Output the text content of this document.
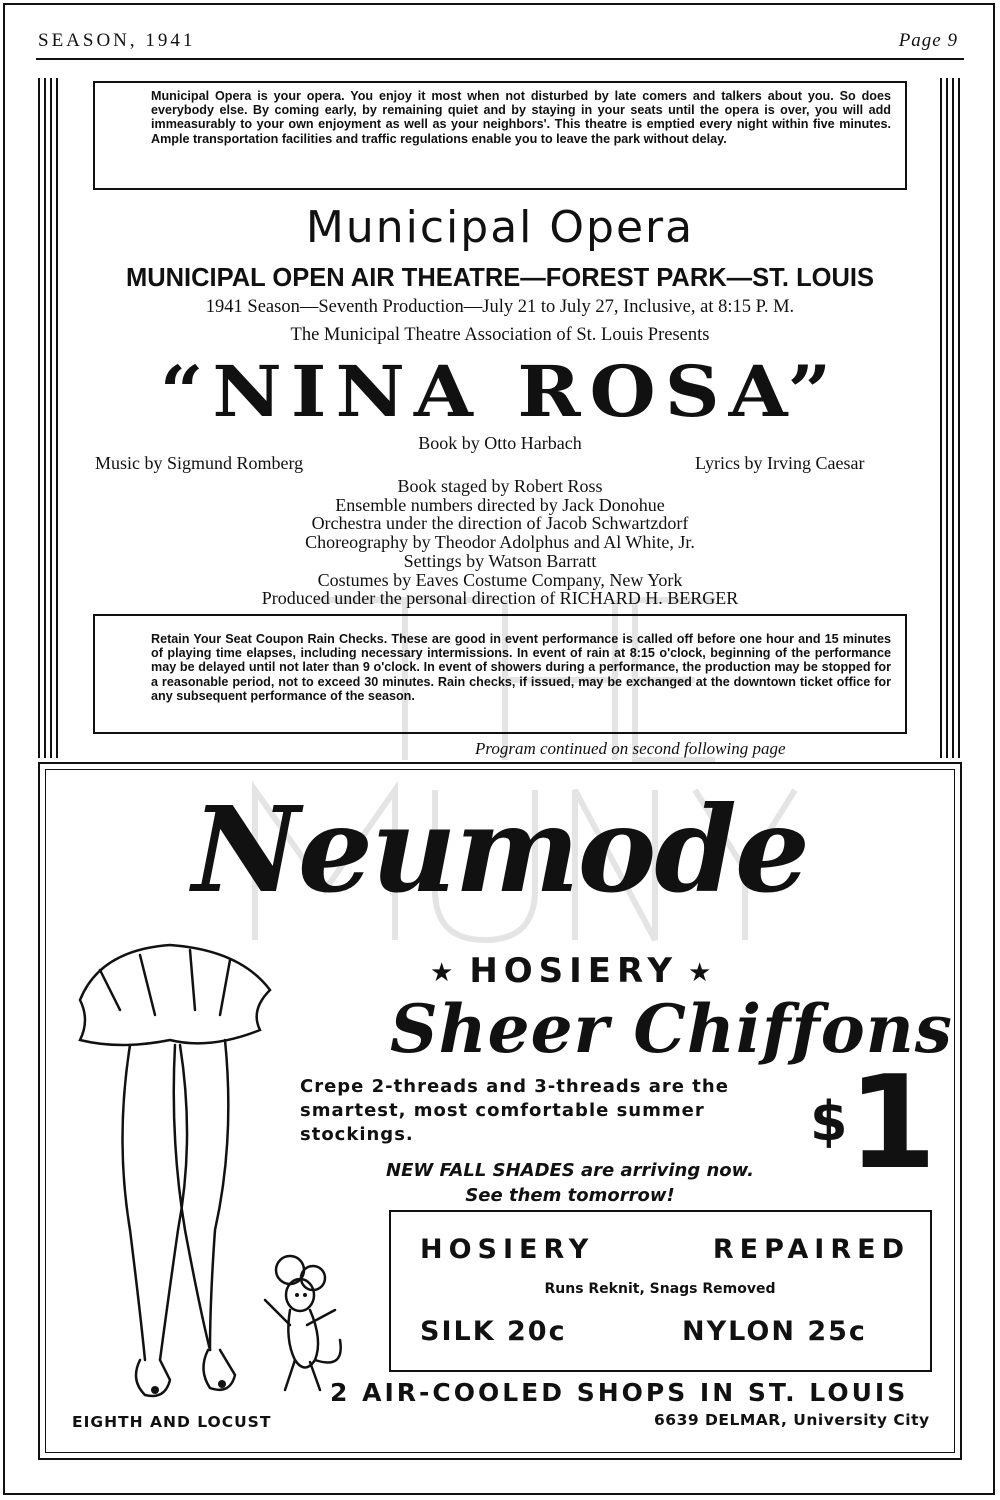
SEASON, 1941	Page 9
Municipal Opera is your opera. You enjoy it most when not disturbed by late comers and talkers about you. So does everybody else. By coming early, by remaining quiet and by staying in your seats until the opera is over, you will add immeasurably to your own enjoyment as well as your neighbors'. This theatre is emptied every night within five minutes. Ample transportation facilities and traffic regulations enable you to leave the park without delay.
Municipal Opera
MUNICIPAL OPEN AIR THEATRE—FOREST PARK—ST. LOUIS
1941 Season—Seventh Production—July 21 to July 27, Inclusive, at 8:15 P. M.
The Municipal Theatre Association of St. Louis Presents
“NINA ROSA”
Book by Otto Harbach
Music by Sigmund Romberg	Lyrics by Irving Caesar
Book staged by Robert Ross
Ensemble numbers directed by Jack Donohue
Orchestra under the direction of Jacob Schwartzdorf
Choreography by Theodor Adolphus and Al White, Jr.
Settings by Watson Barratt
Costumes by Eaves Costume Company, New York
Produced under the personal direction of RICHARD H. BERGER
Retain Your Seat Coupon Rain Checks. These are good in event performance is called off before one hour and 15 minutes of playing time elapses, including necessary intermissions. In event of rain at 8:15 o'clock, beginning of the performance may be delayed until not later than 9 o'clock. In event of showers during a performance, the production may be stopped for a reasonable period, not to exceed 30 minutes. Rain checks, if issued, may be exchanged at the downtown ticket office for any subsequent performance of the season.
Program continued on second following page
Neumode
★ HOSIERY ★
Sheer Chiffons
Crepe 2-threads and 3-threads are the smartest, most comfortable summer stockings.	$1
NEW FALL SHADES are arriving now.
See them tomorrow!
HOSIERY REPAIRED
Runs Reknit, Snags Removed
SILK 20c	NYLON 25c
2 AIR-COOLED SHOPS IN ST. LOUIS
EIGHTH AND LOCUST	6639 DELMAR, University City
